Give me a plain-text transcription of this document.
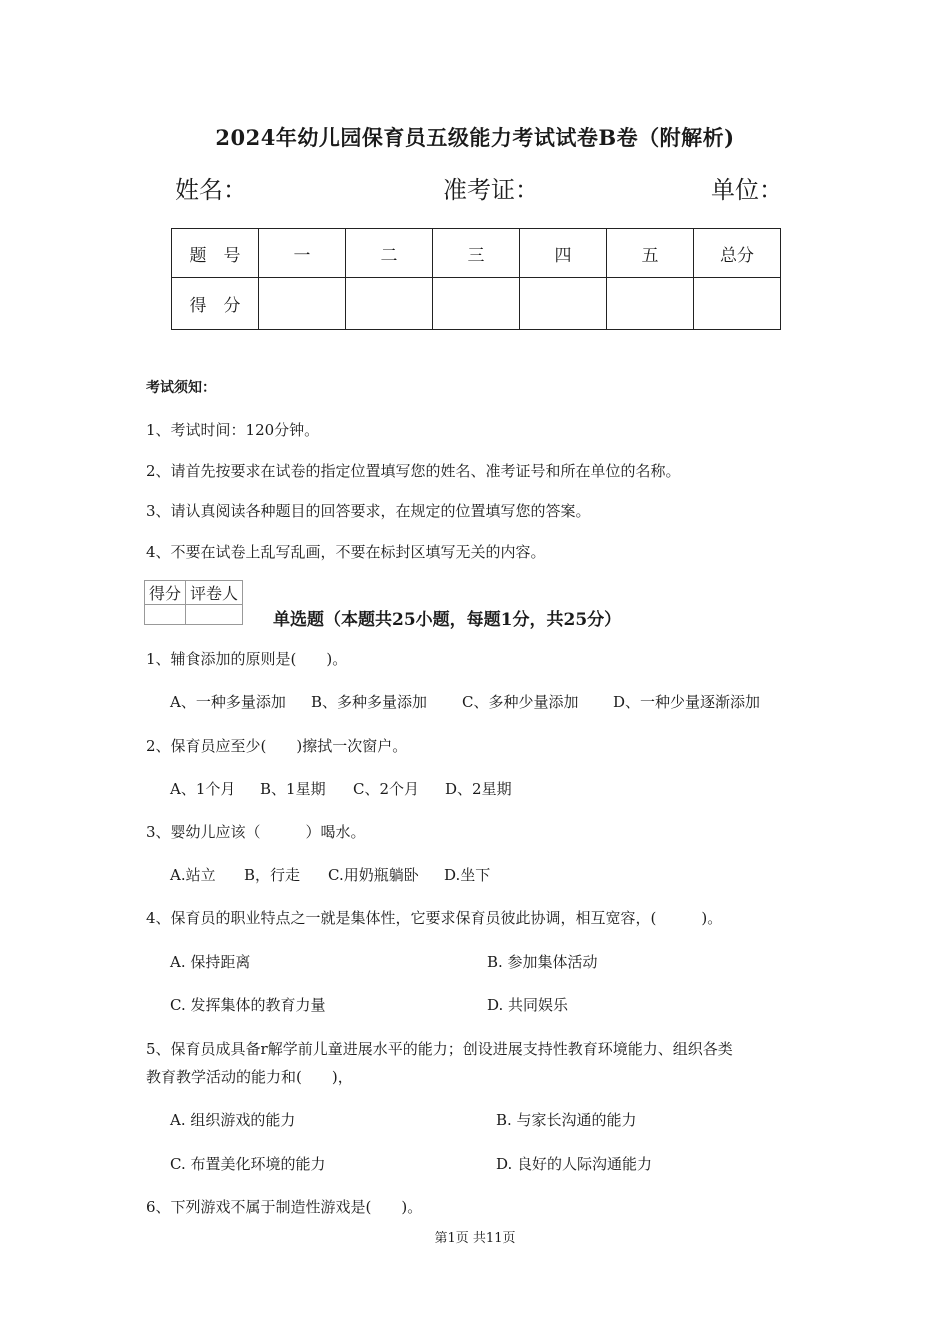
2024年幼儿园保育员五级能力考试试卷B卷（附解析)
姓名：	准考证：	单位：
题　号	一	二	三	四	五	总分
得　分						
考试须知：
1、考试时间：120分钟。
2、请首先按要求在试卷的指定位置填写您的姓名、准考证号和所在单位的名称。
3、请认真阅读各种题目的回答要求，在规定的位置填写您的答案。
4、不要在试卷上乱写乱画，不要在标封区填写无关的内容。
得分	评卷人

单选题（本题共25小题，每题1分，共25分）
1、辅食添加的原则是(　　)。
A、一种多量添加 B、多种多量添加 C、多种少量添加 D、一种少量逐渐添加
2、保育员应至少(　　)擦拭一次窗户。
A、1个月 B、1星期 C、2个月 D、2星期
3、婴幼儿应该（　　　）喝水。
A.站立 B，行走 C.用奶瓶躺卧 D.坐下
4、保育员的职业特点之一就是集体性，它要求保育员彼此协调，相互宽容，(　　　)。
A. 保持距离	B. 参加集体活动
C. 发挥集体的教育力量	D. 共同娱乐
5、保育员成具备r解学前儿童进展水平的能力；创设进展支持性教育环境能力、组织各类
教育教学活动的能力和(　　)，
A. 组织游戏的能力	B. 与家长沟通的能力
C. 布置美化环境的能力	D. 良好的人际沟通能力
6、下列游戏不属于制造性游戏是(　　)。
第1页 共11页
